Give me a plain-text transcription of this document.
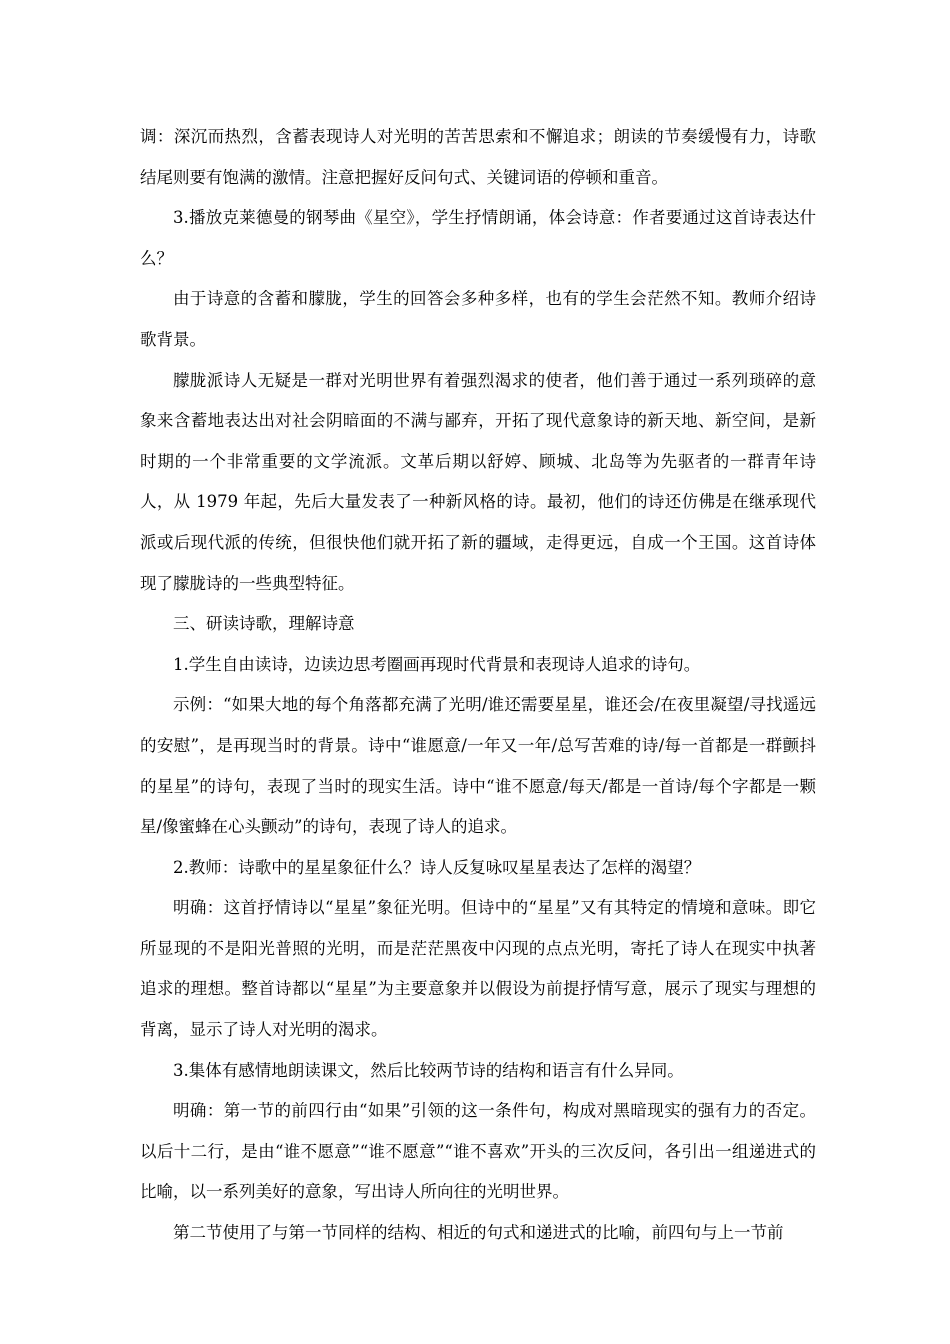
调：深沉而热烈，含蓄表现诗人对光明的苦苦思索和不懈追求；朗读的节奏缓慢有力，诗歌结尾则要有饱满的激情。注意把握好反问句式、关键词语的停顿和重音。

3.播放克莱德曼的钢琴曲《星空》，学生抒情朗诵，体会诗意：作者要通过这首诗表达什么？

由于诗意的含蓄和朦胧，学生的回答会多种多样，也有的学生会茫然不知。教师介绍诗歌背景。

朦胧派诗人无疑是一群对光明世界有着强烈渴求的使者，他们善于通过一系列琐碎的意象来含蓄地表达出对社会阴暗面的不满与鄙弃，开拓了现代意象诗的新天地、新空间，是新时期的一个非常重要的文学流派。文革后期以舒婷、顾城、北岛等为先驱者的一群青年诗人，从 1979 年起，先后大量发表了一种新风格的诗。最初，他们的诗还仿佛是在继承现代派或后现代派的传统，但很快他们就开拓了新的疆域，走得更远，自成一个王国。这首诗体现了朦胧诗的一些典型特征。

三、研读诗歌，理解诗意

1.学生自由读诗，边读边思考圈画再现时代背景和表现诗人追求的诗句。

示例：“如果大地的每个角落都充满了光明/谁还需要星星，谁还会/在夜里凝望/寻找遥远的安慰”，是再现当时的背景。诗中“谁愿意/一年又一年/总写苦难的诗/每一首都是一群颤抖的星星”的诗句，表现了当时的现实生活。诗中“谁不愿意/每天/都是一首诗/每个字都是一颗星/像蜜蜂在心头颤动”的诗句，表现了诗人的追求。

2.教师：诗歌中的星星象征什么？诗人反复咏叹星星表达了怎样的渴望？

明确：这首抒情诗以“星星”象征光明。但诗中的“星星”又有其特定的情境和意味。即它所显现的不是阳光普照的光明，而是茫茫黑夜中闪现的点点光明，寄托了诗人在现实中执著追求的理想。整首诗都以“星星”为主要意象并以假设为前提抒情写意，展示了现实与理想的背离，显示了诗人对光明的渴求。

3.集体有感情地朗读课文，然后比较两节诗的结构和语言有什么异同。

明确：第一节的前四行由“如果”引领的这一条件句，构成对黑暗现实的强有力的否定。以后十二行，是由“谁不愿意”“谁不愿意”“谁不喜欢”开头的三次反问，各引出一组递进式的比喻，以一系列美好的意象，写出诗人所向往的光明世界。

第二节使用了与第一节同样的结构、相近的句式和递进式的比喻，前四句与上一节前
